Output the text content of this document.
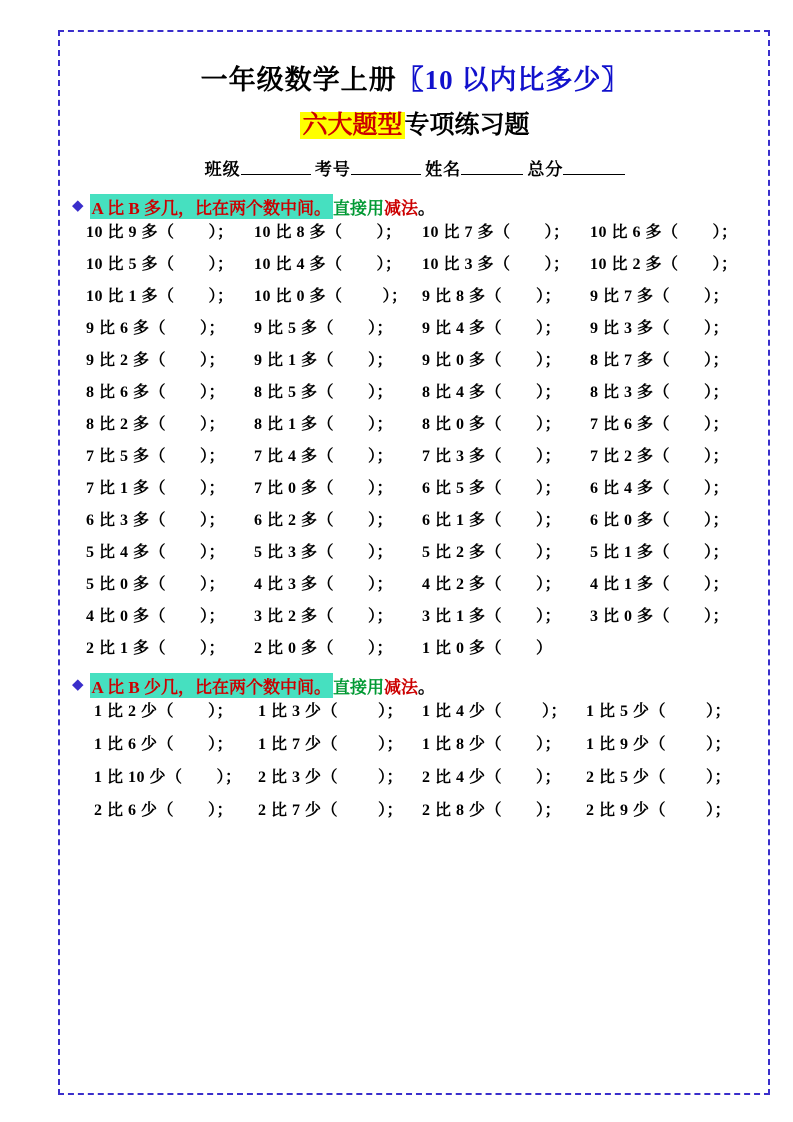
一年级数学上册〖10 以内比多少〗
六大题型专项练习题
班级	考号	姓名	总分
◆ A 比 B 多几，比在两个数中间。 直接用 减法 。
10 比 9 多（ ）；	10 比 8 多（ ）；	10 比 7 多（ ）；	10 比 6 多（ ）；
10 比 5 多（ ）；	10 比 4 多（ ）；	10 比 3 多（ ）；	10 比 2 多（ ）；
10 比 1 多（ ）；	10 比 0 多（	）； 9 比 8 多（ ）；	9 比 7 多（ ）；
9 比 6 多（ ）；	9 比 5 多（ ）；	9 比 4 多（ ）；	9 比 3 多（ ）；
9 比 2 多（ ）；	9 比 1 多（ ）；	9 比 0 多（ ）；	8 比 7 多（ ）；
8 比 6 多（ ）；	8 比 5 多（ ）；	8 比 4 多（ ）；	8 比 3 多（ ）；
8 比 2 多（ ）；	8 比 1 多（ ）；	8 比 0 多（ ）；	7 比 6 多（ ）；
7 比 5 多（ ）；	7 比 4 多（ ）；	7 比 3 多（ ）；	7 比 2 多（ ）；
7 比 1 多（ ）；	7 比 0 多（ ）；	6 比 5 多（ ）；	6 比 4 多（ ）；
6 比 3 多（ ）；	6 比 2 多（ ）；	6 比 1 多（ ）；	6 比 0 多（ ）；
5 比 4 多（ ）；	5 比 3 多（ ）；	5 比 2 多（ ）；	5 比 1 多（ ）；
5 比 0 多（ ）；	4 比 3 多（ ）；	4 比 2 多（ ）；	4 比 1 多（ ）；
4 比 0 多（ ）；	3 比 2 多（ ）；	3 比 1 多（ ）；	3 比 0 多（ ）；
2 比 1 多（ ）；	2 比 0 多（ ）；	1 比 0 多（ ）
◆ A 比 B 少几，比在两个数中间。 直接用 减法 。
1 比 2 少（ ）；	1 比 3 少（	）；	1 比 4 少（	）；	1 比 5 少（	）；
1 比 6 少（ ）；	1 比 7 少（	）；	1 比 8 少（ ）；	1 比 9 少（	）；
1 比 10 少（ ）；	2 比 3 少（	）；	2 比 4 少（ ）；	2 比 5 少（	）；
2 比 6 少（ ）；	2 比 7 少（	）；	2 比 8 少（ ）；	2 比 9 少（	）；
